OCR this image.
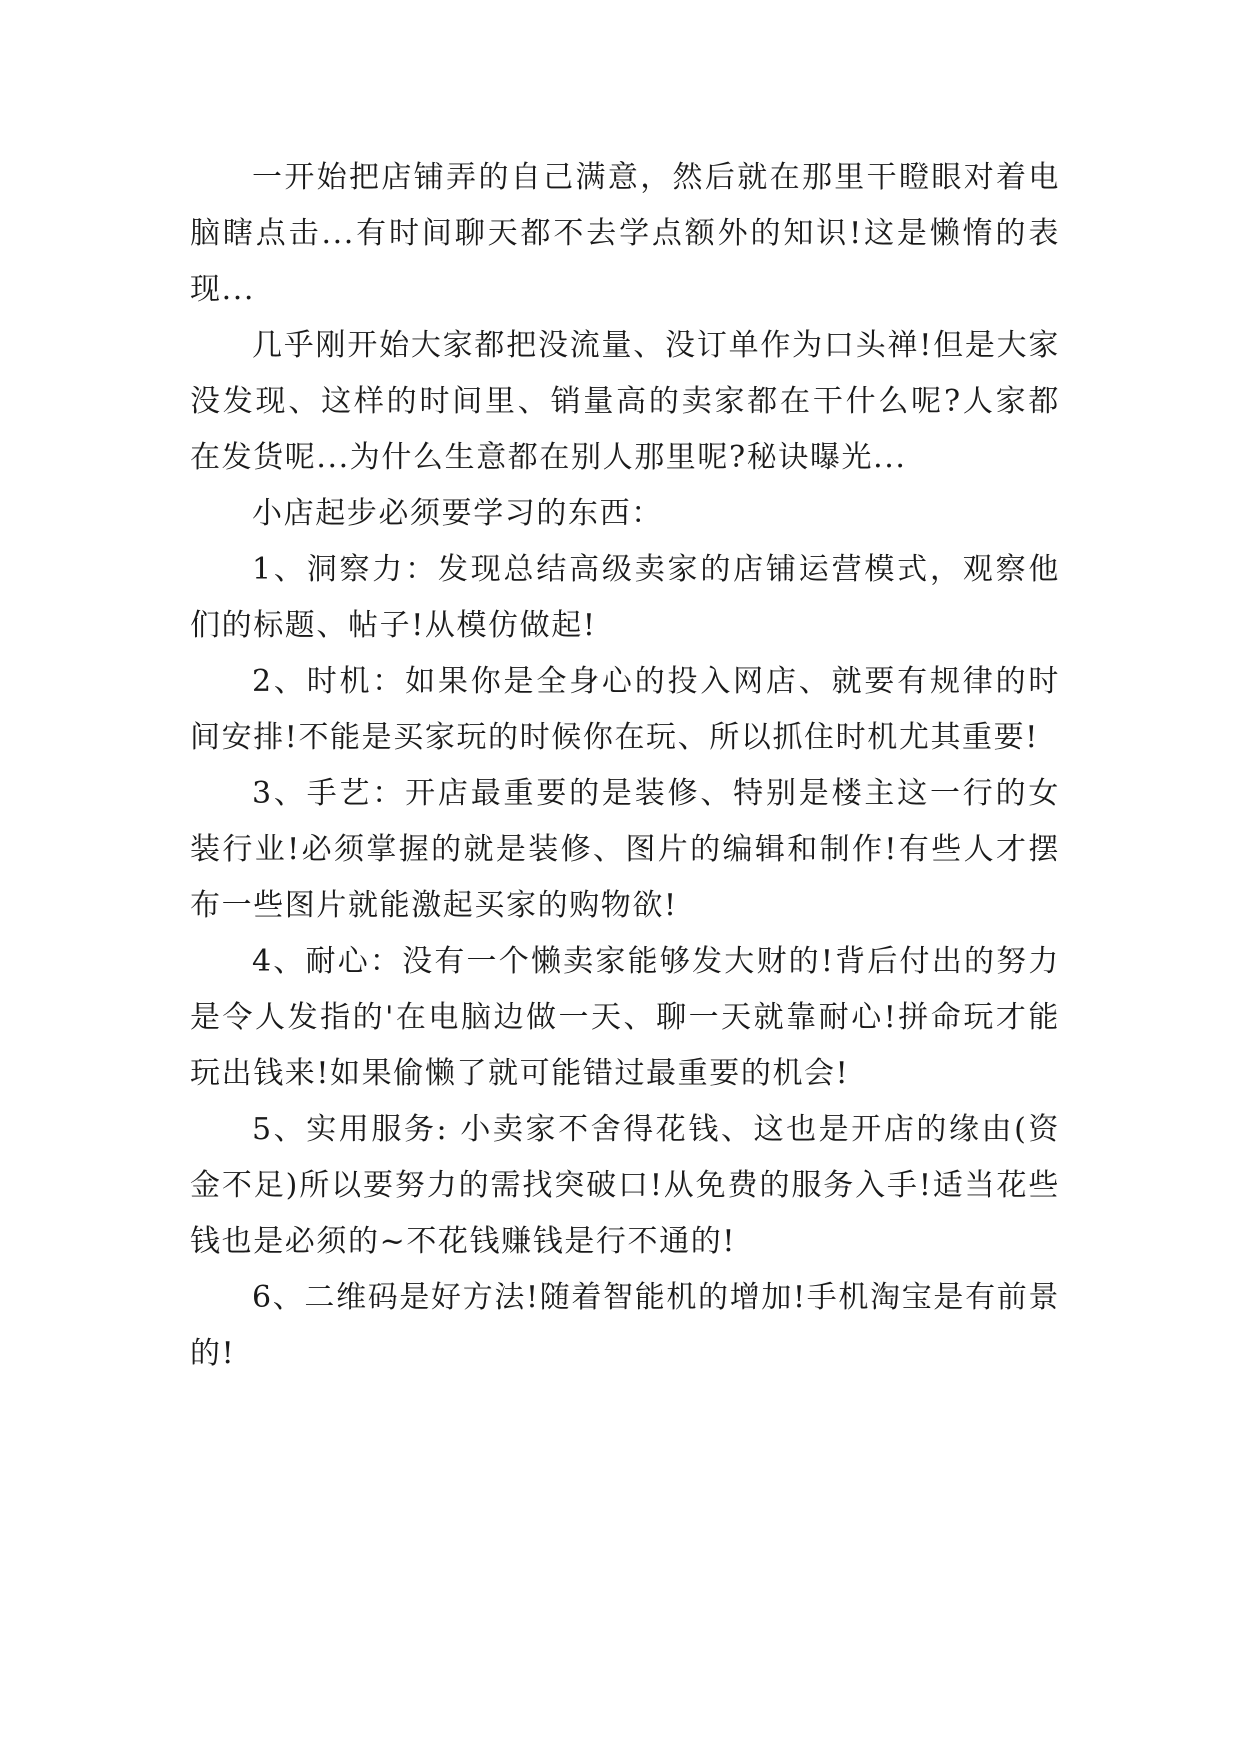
一开始把店铺弄的自己满意，然后就在那里干瞪眼对着电脑瞎点击...有时间聊天都不去学点额外的知识!这是懒惰的表现...

几乎刚开始大家都把没流量、没订单作为口头禅!但是大家没发现、这样的时间里、销量高的卖家都在干什么呢?人家都在发货呢...为什么生意都在别人那里呢?秘诀曝光...

小店起步必须要学习的东西：

1、洞察力：发现总结高级卖家的店铺运营模式，观察他们的标题、帖子!从模仿做起!

2、时机：如果你是全身心的投入网店、就要有规律的时间安排!不能是买家玩的时候你在玩、所以抓住时机尤其重要!

3、手艺：开店最重要的是装修、特别是楼主这一行的女装行业!必须掌握的就是装修、图片的编辑和制作!有些人才摆布一些图片就能激起买家的购物欲!

4、耐心：没有一个懒卖家能够发大财的!背后付出的努力是令人发指的'在电脑边做一天、聊一天就靠耐心!拼命玩才能玩出钱来!如果偷懒了就可能错过最重要的机会!

5、实用服务: 小卖家不舍得花钱、这也是开店的缘由(资金不足)所以要努力的需找突破口!从免费的服务入手!适当花些钱也是必须的~不花钱赚钱是行不通的!

6、二维码是好方法!随着智能机的增加!手机淘宝是有前景的!
